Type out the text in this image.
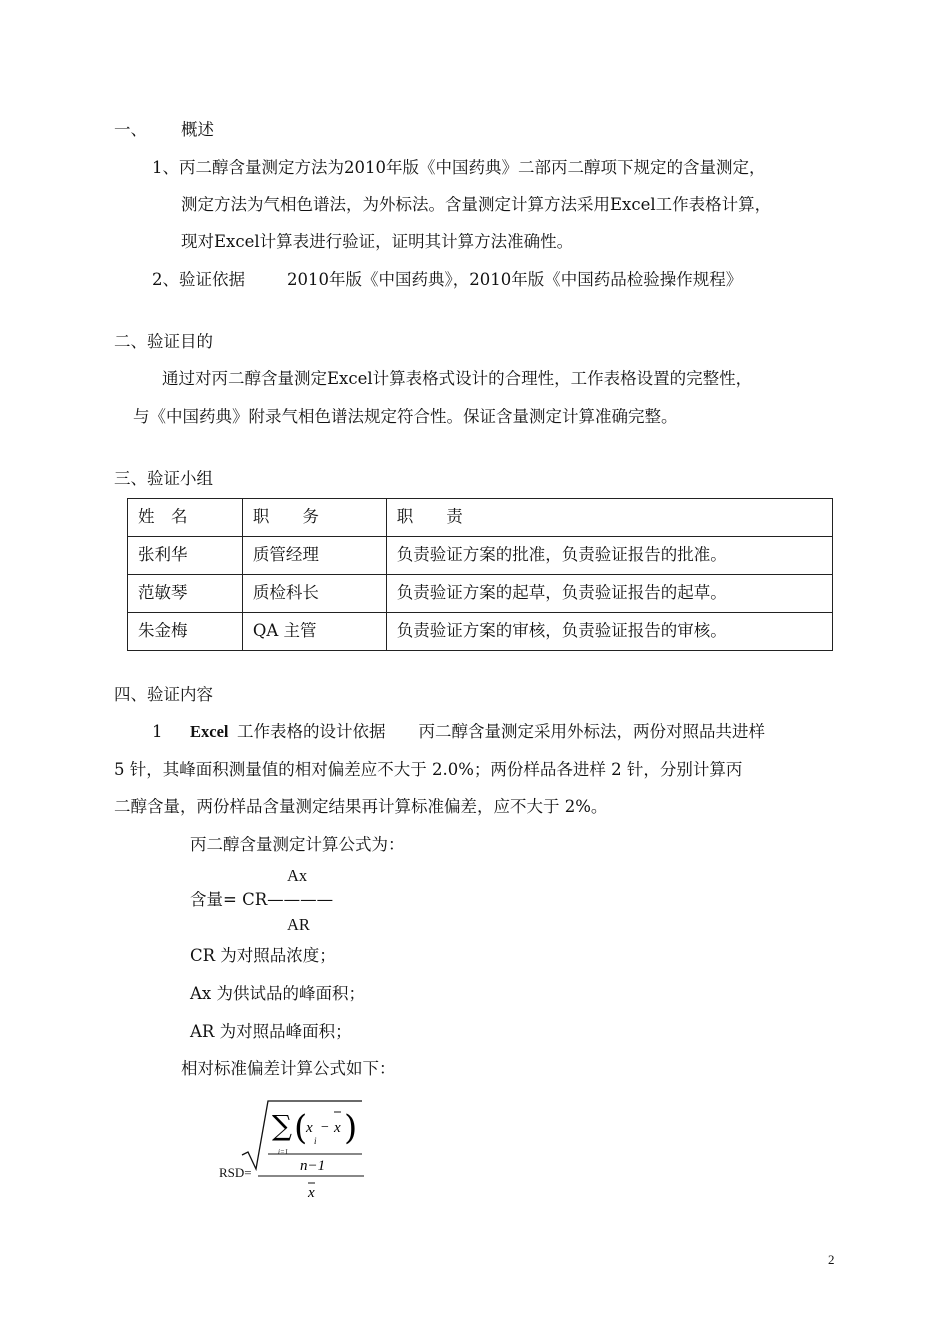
一、 概述
1、丙二醇含量测定方法为2010年版《中国药典》二部丙二醇项下规定的含量测定，
测定方法为气相色谱法，为外标法。含量测定计算方法采用Excel工作表格计算，
现对Excel计算表进行验证，证明其计算方法准确性。
2、验证依据	2010年版《中国药典》，2010年版《中国药品检验操作规程》
二、验证目的
通过对丙二醇含量测定Excel计算表格式设计的合理性，工作表格设置的完整性，
与《中国药典》附录气相色谱法规定符合性。保证含量测定计算准确完整。
三、验证小组
姓　名	职　　务	职　　责
张利华	质管经理	负责验证方案的批准，负责验证报告的批准。
范敏琴	质检科长	负责验证方案的起草，负责验证报告的起草。
朱金梅	QA 主管	负责验证方案的审核，负责验证报告的审核。
四、验证内容
1 Excel 工作表格的设计依据　　丙二醇含量测定采用外标法，两份对照品共进样
5 针，其峰面积测量值的相对偏差应不大于 2.0%；两份样品各进样 2 针，分别计算丙
二醇含量，两份样品含量测定结果再计算标准偏差，应不大于 2%。
丙二醇含量测定计算公式为：
Ax
含量= CR————
AR
CR 为对照品浓度；
Ax 为供试品的峰面积；
AR 为对照品峰面积；
相对标准偏差计算公式如下：
RSD=
∑ (
x
i
− x )
i=1
n−1
x
2
